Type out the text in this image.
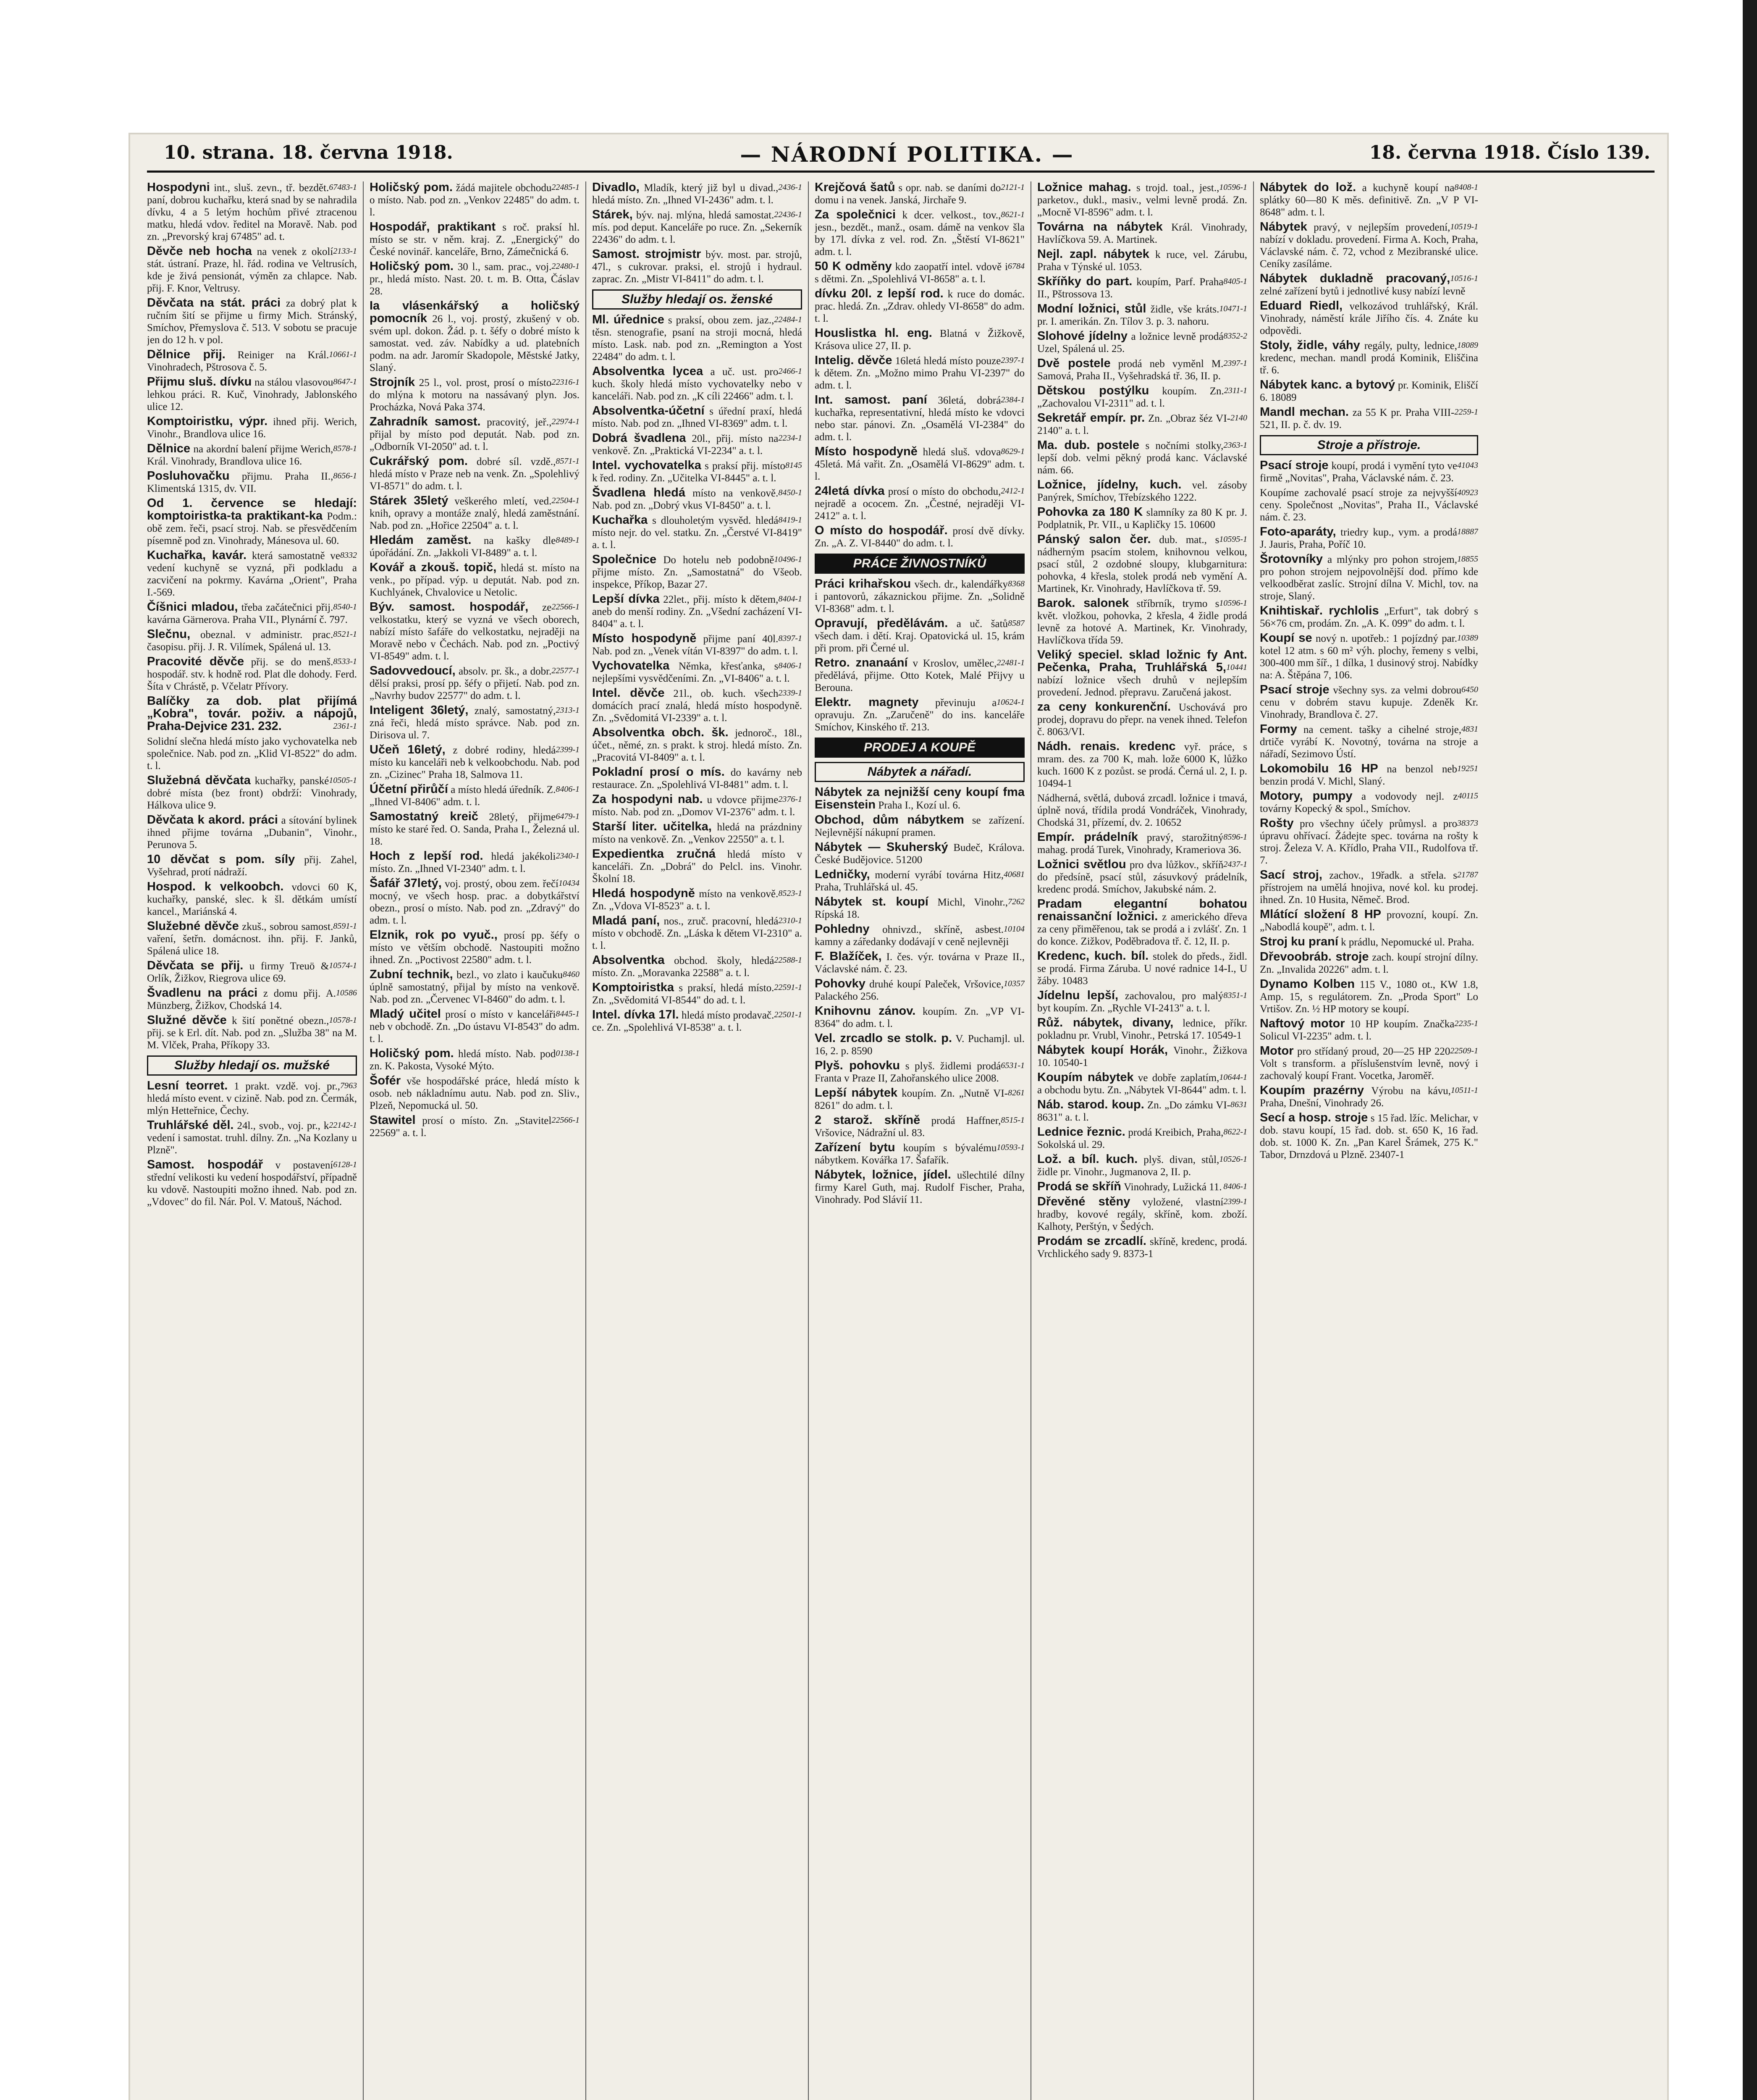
10. strana. 18. června 1918.	— NÁRODNÍ POLITIKA. —	18. června 1918. Číslo 139.

Hospodyni	67483-1
int., sluš. zevn., tř. bezdět. paní, dobrou kuchařku, která snad by se nahradila dívku, 4 a 5 letým hochům přivé ztracenou matku, hledá vdov. ředitel na Moravě. Nab. pod zn. „Prevorský kraj 67485" ad. t.

Děvče neb hocha	2133-1
na venek z okolí stát. ústraní. Praze, hl. řád. rodina ve Veltrusích, kde je živá pensionát, výměn za chlapce. Nab. přij. F. Knor, Veltrusy.

Děvčata na stát. práci za dobrý plat k ručním šití se přijme u firmy Mich. Stránský, Smíchov, Přemyslova č. 513. V sobotu se pracuje jen do 12 h. v pol.

Dělnice přij.	10661-1
Reiniger na Král. Vinohradech, Pštrosova č. 5.

Přijmu sluš. dívku	8647-1
na stálou vlasovou lehkou práci. R. Kuč, Vinohrady, Jablonského ulice 12.

Komptoiristku, výpr. ihned přij. Werich, Vinohr., Brandlova ulice 16.

Dělnice	8578-1
na akordní balení přijme Werich, Král. Vinohrady, Brandlova ulice 16.

Posluhovačku	8656-1
přijmu. Praha II., Klimentská 1315, dv. VII.

Od 1. července se hledají: komptoiristka-ta praktikant-ka Podm.: obě zem. řeči, psací stroj. Nab. se přesvědčením písemně pod zn. Vinohrady, Mánesova ul. 60.

Kuchařka, kavár.	8332
která samostatně ve vedení kuchyně se vyzná, při podkladu a zacvičení na pokrmy. Kavárna „Orient", Praha I.-569.

Číšnici mladou,	8540-1
třeba začátečnici přij. kavárna Gärnerova. Praha VII., Plynární č. 797.

Slečnu,	8521-1
obeznal. v administr. prac. časopisu. přij. J. R. Vilímek, Spálená ul. 13.

Pracovité děvče	8533-1
přij. se do menš. hospodář. stv. k hodně rod. Plat dle dohody. Ferd. Šíta v Chrástě, p. Včelatr Přívory.

Balíčky za dob. plat přijímá „Kobra", továr. poživ. a nápojů, Praha-Dejvice 231. 232.	2361-1

Solidní slečna hledá místo jako vychovatelka neb společnice. Nab. pod zn. „Klid VI-8522" do adm. t. l.

Služebná děvčata	10505-1
kuchařky, panské dobré místa (bez front) obdrží: Vinohrady, Hálkova ulice 9.

Děvčata k akord. práci a sítování bylinek ihned přijme továrna „Dubanin", Vinohr., Perunova 5.

10 děvčat s pom. síly přij. Zahel, Vyšehrad, protí nádraží.

Hospod. k velkoobch. vdovci 60 K, kuchařky, panské, slec. k šl. dětkám umístí kancel., Mariánská 4.

Služebné děvče	8591-1
zkuš., sobrou samost. vaření, šetřn. domácnost. ihn. přij. F. Janků, Spálená ulice 18.

Děvčata se přij.	10574-1
u firmy Treuö & Orlík, Žižkov, Riegrova ulice 69.

Švadlenu na práci	10586
z domu přij. A. Münzberg, Žižkov, Chodská 14.

Služné děvče	10578-1
k šití ponětné obezn., přij. se k Erl. dít. Nab. pod zn. „Služba 38" na M. M. Vlček, Praha, Příkopy 33.

Služby hledají os. mužské

Lesní teorret.	7963
1 prakt. vzdě. voj. pr., hledá místo event. v cizině. Nab. pod zn. Čermák, mlýn Hetteřnice, Čechy.

Truhlářské děl.	22142-1
24l., svob., voj. pr., k vedení i samostat. truhl. dílny. Zn. „Na Kozlany u Plzně".

Samost. hospodář	6128-1
v postavení střední velikosti ku vedení hospodářství, případně ku vdově. Nastoupiti možno ihned. Nab. pod zn. „Vdovec" do fil. Nár. Pol. V. Matouš, Náchod.

Holičský pom.	22485-1
žádá majitele obchodu o místo. Nab. pod zn. „Venkov 22485" do adm. t. l.

Hospodář, praktikant s roč. praksí hl. místo se str. v něm. kraj. Z. „Energický" do České novinář. kanceláře, Brno, Zámečnická 6.

Holičský pom.	22480-1
30 l., sam. prac., voj. pr., hledá místo. Nast. 20. t. m. B. Otta, Čáslav 28.

Ia vlásenkářský a holičský pomocník 26 l., voj. prostý, zkušený v ob. svém upl. dokon. Žád. p. t. šéfy o dobré místo k samostat. ved. záv. Nabídky a ud. platebních podm. na adr. Jaromír Skadopole, Městské Jatky, Slaný.

Strojník	22316-1
25 l., vol. prost, prosí o místo do mlýna k motoru na nassávaný plyn. Jos. Procházka, Nová Paka 374.

Zahradník samost.	22974-1
pracovitý, jeř., přijal by místo pod deputát. Nab. pod zn. „Odborník VI-2050" ad. t. l.

Cukrářský pom.	8571-1
dobré síl. vzdě., hledá místo v Praze neb na venk. Zn. „Spolehlivý VI-8571" do adm. t. l.

Stárek 35letý	22504-1
veškerého mletí, ved. knih, opravy a montáže znalý, hledá zaměstnání. Nab. pod zn. „Hořice 22504" a. t. l.

Hledám zaměst.	8489-1
na kašky dle úpořádání. Zn. „Jakkoli VI-8489" a. t. l.

Kovář a zkouš. topič, hledá st. místo na venk., po případ. výp. u deputát. Nab. pod zn. Kuchlyánek, Chvalovice u Netolic.

Býv. samost. hospodář,	22566-1
ze velkostatku, který se vyzná ve všech oborech, nabízí místo šafáře do velkostatku, nejraději na Moravě nebo v Čechách. Nab. pod zn. „Poctivý VI-8549" adm. t. l.

Sadovvedoucí,	22577-1
absolv. pr. šk., a dobr. dělsí praksi, prosí pp. šéfy o přijetí. Nab. pod zn. „Navrhy budov 22577" do adm. t. l.

Inteligent 36letý,	2313-1
znalý, samostatný, zná řeči, hledá místo správce. Nab. pod zn. Dirisova ul. 7.

Učeň 16letý,	2399-1
z dobré rodiny, hledá místo ku kanceláři neb k velkoobchodu. Nab. pod zn. „Cizinec" Praha 18, Salmova 11.

Účetní přirůčí	8406-1
a místo hledá úředník. Z. „Ihned VI-8406" adm. t. l.

Samostatný kreič	6479-1
28letý, přijme místo ke staré řed. O. Sanda, Praha I., Železná ul. 18.

Hoch z lepší rod.	2340-1
hledá jakékoli místo. Zn. „Ihned VI-2340" adm. t. l.

Šafář 37letý,	10434
voj. prostý, obou zem. řečí mocný, ve všech hosp. prac. a dobytkářství obezn., prosí o místo. Nab. pod zn. „Zdravý" do adm. t. l.

Elznik, rok po vyuč., prosí pp. šéfy o místo ve větším obchodě. Nastoupiti možno ihned. Zn. „Poctivost 22580" adm. t. l.

Zubní technik,	8460
bezl., vo zlato i kaučuku úplně samostatný, přijal by místo na venkově. Nab. pod zn. „Červenec VI-8460" do adm. t. l.

Mladý učitel	8445-1
prosí o místo v kanceláři neb v obchodě. Zn. „Do ústavu VI-8543" do adm. t. l.

Holičský pom.	0138-1
hledá místo. Nab. pod zn. K. Pakosta, Vysoké Mýto.

Šofér vše hospodářské práce, hledá místo k osob. neb nákladnímu autu. Nab. pod zn. Sliv., Plzeň, Nepomucká ul. 50.

Stawitel	22566-1
prosí o místo. Zn. „Stavitel 22569" a. t. l.

Divadlo,	2436-1
Mladík, který již byl u divad., hledá místo. Zn. „Ihned VI-2436" adm. t. l.

Stárek,	22436-1
býv. naj. mlýna, hledá samostat. mís. pod deput. Kanceláře po ruce. Zn. „Sekerník 22436" do adm. t. l.

Samost. strojmistr býv. most. par. strojů, 47l., s cukrovar. praksi, el. strojů i hydraul. zaprac. Zn. „Mistr VI-8411" do adm. t. l.

Služby hledají os. ženské

Ml. úřednice	22484-1
s praksí, obou zem. jaz., těsn. stenografie, psaní na stroji mocná, hledá místo. Lask. nab. pod zn. „Remington a Yost 22484" do adm. t. l.

Absolventka lycea	2466-1
a uč. ust. pro kuch. školy hledá místo vychovatelky nebo v kanceláři. Nab. pod zn. „K cíli 22466" adm. t. l.

Absolventka-účetní s úřední praxí, hledá místo. Nab. pod zn. „Ihned VI-8369" adm. t. l.

Dobrá švadlena	2234-1
20l., přij. místo na venkově. Zn. „Praktická VI-2234" a. t. l.

Intel. vychovatelka	8145
s praksí přij. místo k řed. rodiny. Zn. „Učitelka VI-8445" a. t. l.

Švadlena hledá	8450-1
místo na venkově. Nab. pod zn. „Dobrý vkus VI-8450" a. t. l.

Kuchařka	8419-1
s dlouholetým vysvěd. hledá místo nejr. do vel. statku. Zn. „Čerstvé VI-8419" a. t. l.

Společnice	10496-1
Do hotelu neb podobně přijme místo. Zn. „Samostatná" do Všeob. inspekce, Příkop, Bazar 27.

Lepší dívka	8404-1
22let., přij. místo k dětem, aneb do menší rodiny. Zn. „Všední zacházení VI-8404" a. t. l.

Místo hospodyně	8397-1
přijme paní 40l. Nab. pod zn. „Venek vítán VI-8397" do adm. t. l.

Vychovatelka	8406-1
Němka, křesťanka, s nejlepšími vysvědčeními. Zn. „VI-8406" a. t. l.

Intel. děvče	2339-1
21l., ob. kuch. všech domácích prací znalá, hledá místo hospodyně. Zn. „Svědomitá VI-2339" a. t. l.

Absolventka obch. šk. jednoroč., 18l., účet., němé, zn. s prakt. k stroj. hledá místo. Zn. „Pracovitá VI-8409" a. t. l.

Pokladní prosí o mís. do kavárny neb restaurace. Zn. „Spolehlivá VI-8481" adm. t. l.

Za hospodyni nab.	2376-1
u vdovce přijme místo. Nab. pod zn. „Domov VI-2376" adm. t. l.

Starší liter. učitelka, hledá na prázdniny místo na venkově. Zn. „Venkov 22550" a. t. l.

Expedientka zručná hledá místo v kanceláři. Zn. „Dobrá" do Pelcl. ins. Vinohr. Školní 18.

Hledá hospodyně	8523-1
místo na venkově. Zn. „Vdova VI-8523" a. t. l.

Mladá paní,	2310-1
nos., zruč. pracovní, hledá místo v obchodě. Zn. „Láska k dětem VI-2310" a. t. l.

Absolventka	22588-1
obchod. školy, hledá místo. Zn. „Moravanka 22588" a. t. l.

Komptoiristka	22591-1
s praksí, hledá místo. Zn. „Svědomitá VI-8544" do ad. t. l.

Intel. dívka 17l.	22501-1
hledá místo prodavač. ce. Zn. „Spolehlivá VI-8538" a. t. l.

Krejčová šatů	2121-1
s opr. nab. se daními do domu i na venek. Janská, Jirchaře 9.

Za společnici	8621-1
k dcer. velkost., tov., jesn., bezdět., manž., osam. dámě na venkov šla by 17l. dívka z vel. rod. Zn. „Štěstí VI-8621" adm. t. l.

50 K odměny	6784
kdo zaopatří intel. vdově i s dětmi. Zn. „Spolehlivá VI-8658" a. t. l.

dívku 20l. z lepší rod. k ruce do domác. prac. hledá. Zn. „Zdrav. ohledy VI-8658" do adm. t. l.

Houslistka hl. eng. Blatná v Žižkově, Krásova ulice 27, II. p.

Intelig. děvče	2397-1
16letá hledá místo pouze k dětem. Zn. „Možno mimo Prahu VI-2397" do adm. t. l.

Int. samost. paní	2384-1
36letá, dobrá kuchařka, representativní, hledá místo ke vdovci nebo star. pánovi. Zn. „Osamělá VI-2384" do adm. t. l.

Místo hospodyně	8629-1
hledá sluš. vdova 45letá. Má vařit. Zn. „Osamělá VI-8629" adm. t. l.

24letá dívka	2412-1
prosí o místo do obchodu, nejradě a ococem. Zn. „Čestné, nejraději VI-2412" a. t. l.

O místo do hospodář. prosí dvě dívky. Zn. „A. Z. VI-8440" do adm. t. l.

PRÁCE ŽIVNOSTNÍKŮ

Práci krihařskou	8368
všech. dr., kalendářky i pantovorů, zákaznickou přijme. Zn. „Solidně VI-8368" adm. t. l.

Opravují, předělávám.	8587
a uč. šatů všech dam. i dětí. Kraj. Opatovická ul. 15, krám při prom. při Černé ul.

Retro. znanaání	22481-1
v Kroslov, umělec, předělává, přijme. Otto Kotek, Malé Přijvy u Berouna.

Elektr. magnety	10624-1
převinuju a opravuju. Zn. „Zaručeně" do ins. kanceláře Smíchov, Kinského tř. 213.

PRODEJ A KOUPĚ
Nábytek a nářadí.

Nábytek za nejnižší ceny koupí fma Eisenstein Praha I., Kozí ul. 6.

Obchod, dům nábytkem se zařízení. Nejlevnější nákupní pramen.

Nábytek — Skuherský Budeč, Králova. České Budějovice. 51200

Ledničky,	40681
moderní vyrábí továrna Hitz, Praha, Truhlářská ul. 45.

Nábytek st. koupí	7262
Michl, Vinohr., Rípská 18.

Pohledny	10104
ohnivzd., skříně, asbest. kamny a záředanky dodávají v ceně nejlevněji

F. Blažíček, I. čes. výr. továrna v Praze II., Václavské nám. č. 23.

Pohovky	10357
druhé koupí Paleček, Vršovice, Palackého 256.

Knihovnu zánov. koupím. Zn. „VP VI-8364" do adm. t. l.

Vel. zrcadlo se stolk. p. V. Puchamjl. ul. 16, 2. p. 8590

Plyš. pohovku	6531-1
s plyš. židlemi prodá Franta v Praze II, Zahořanského ulice 2008.

Lepší nábytek	8261
koupím. Zn. „Nutně VI-8261" do adm. t. l.

2 starož. skříně	8515-1
prodá Haffner, Vršovice, Nádražní ul. 83.

Zařízení bytu	10593-1
koupím s bývalému nábytkem. Kovářka 17. Šafařík.

Nábytek, ložnice, jídel. ušlechtilé dílny firmy Karel Guth, maj. Rudolf Fischer, Praha, Vinohrady. Pod Slávií 11.

Ložnice mahag.	10596-1
s trojd. toal., jest., parketov., dukl., masiv., velmi levně prodá. Zn. „Mocně VI-8596" adm. t. l.

Továrna na nábytek Král. Vinohrady, Havlíčkova 59. A. Martinek.

Nejl. zapl. nábytek k ruce, vel. Zárubu, Praha v Týnské ul. 1053.

Skříňky do part.	8405-1
koupím, Parf. Praha II., Pštrossova 13.

Modní ložnici, stůl	10471-1
židle, vše kráts. pr. I. amerikán. Zn. Tílov 3. p. 3. nahoru.

Slohové jídelny	8352-2
a ložnice levně prodá Uzel, Spálená ul. 25.

Dvě postele	2397-1
prodá neb vyměnl M. Samová, Praha II., Vyšehradská tř. 36, II. p.

Dětskou postýlku	2311-1
koupím. Zn. „Zachovalou VI-2311" ad. t. l.

Sekretář empír. pr.	2140
Zn. „Obraz šéz VI-2140" a. t. l.

Ma. dub. postele	2363-1
s nočními stolky, lepší dob. velmi pěkný prodá kanc. Václavské nám. 66.

Ložnice, jídelny, kuch. vel. zásoby Panýrek, Smíchov, Třebízského 1222.

Pohovka za 180 K slamníky za 80 K pr. J. Podplatnik, Pr. VII., u Kapličky 15. 10600

Pánský salon čer.	10595-1
dub. mat., s nádherným psacím stolem, knihovnou velkou, psací stůl, 2 ozdobné sloupy, klubgarnitura: pohovka, 4 křesla, stolek prodá neb vymění A. Martinek, Kr. Vinohrady, Havlíčkova tř. 59.

Barok. salonek	10596-1
stříbrník, trymo s květ. vložkou, pohovka, 2 křesla, 4 židle prodá levně za hotové A. Martinek, Kr. Vinohrady, Havlíčkova třída 59.

Veliký speciel. sklad ložnic fy Ant. Pečenka, Praha, Truhlářská 5, 10441
nabízí ložnice všech druhů v nejlepším provedení. Jednod. přepravu. Zaručená jakost.

za ceny konkurenční. Uschovává pro prodej, dopravu do přepr. na venek ihned. Telefon č. 8063/VI.

Nádh. renais. kredenc vyř. práce, s mram. des. za 700 K, mah. lože 6000 K, lůžko kuch. 1600 K z pozůst. se prodá. Černá ul. 2, I. p. 10494-1

Nádherná, světlá, dubová zrcadl. ložnice i tmavá, úplně nová, třídila prodá Vondráček, Vinohrady, Chodská 31, přízemí, dv. 2. 10652

Empír. prádelník	8596-1
pravý, starožitný mahag. prodá Turek, Vinohrady, Krameriova 36.

Ložnici světlou	2437-1
pro dva lůžkov., skříň do předsíně, psací stůl, zásuvkový prádelník, kredenc prodá. Smíchov, Jakubské nám. 2.

Pradam elegantní bohatou renaissanční ložnici. z amerického dřeva za ceny přiměřenou, tak se prodá a i zvlášť. Zn. 1 do konce. Zižkov, Poděbradova tř. č. 12, II. p.

Kredenc, kuch. bíl. stolek do předs., židl. se prodá. Firma Záruba. U nové radnice 14-I., U žáby. 10483

Jídelnu lepší,	8351-1
zachovalou, pro malý byt koupím. Zn. „Rychle VI-2413" a. t. l.

Růž. nábytek, divany, lednice, příkr. pokladnu pr. Vrubl, Vinohr., Petrská 17. 10549-1

Nábytek koupí Horák, Vinohr., Žižkova 10. 10540-1

Koupím nábytek	10644-1
ve dobře zaplatím, a obchodu bytu. Zn. „Nábytek VI-8644" adm. t. l.

Náb. starod. koup.	8631
Zn. „Do zámku VI-8631" a. t. l.

Lednice řeznic.	8622-1
prodá Kreibich, Praha, Sokolská ul. 29.

Lož. a bíl. kuch.	10526-1
plyš. divan, stůl, židle pr. Vinohr., Jugmanova 2, II. p.

Prodá se skříň	8406-1
Vinohrady, Lužická 11.

Dřevěné stěny	2399-1
vyložené, vlastní hradby, kovové regály, skříně, kom. zboží. Kalhoty, Perštýn, v Šedých.

Prodám se zrcadlí. skříně, kredenc, prodá. Vrchlického sady 9. 8373-1

Nábytek do lož.	8408-1
a kuchyně koupí na splátky 60—80 K měs. definitivě. Zn. „V P VI-8648" adm. t. l.

Nábytek	10519-1
pravý, v nejlepším provedení, nabízí v dokladu. provedení. Firma A. Koch, Praha, Václavské nám. č. 72, vchod z Mezibranské ulice. Ceníky zasíláme.

Nábytek dukladně pracovaný, 10516-1
zelné zařízení bytů i jednotlivé kusy nabízí levně

Eduard Riedl, velkozávod truhlářský, Král. Vinohrady, náměstí krále Jiřího čís. 4. Znáte ku odpovědi.

Stoly, židle, váhy	18089
regály, pulty, lednice, kredenc, mechan. mandl prodá Kominik, Eliščina tř. 6.

Nábytek kanc. a bytový pr. Kominik, Eliščí 6. 18089

Mandl mechan.	2259-1
za 55 K pr. Praha VIII-521, II. p. č. dv. 19.

Stroje a přístroje.

Psací stroje	41043
koupí, prodá i vymění tyto ve firmě „Novitas", Praha, Václavské nám. č. 23.

40923
Koupíme zachovalé psací stroje za nejvyšší ceny. Společnost „Novitas", Praha II., Václavské nám. č. 23.

Foto-aparáty,	18887
triedry kup., vym. a prodá J. Jauris, Praha, Poříč 10.

Šrotovníky	18855
a mlýnky pro pohon strojem, pro pohon strojem nejpovolnější dod. přímo kde velkoodběrat zaslíc. Strojní dílna V. Michl, tov. na stroje, Slaný.

Knihtiskař. rychlolis „Erfurt", tak dobrý s 56×76 cm, prodám. Zn. „A. K. 099" do adm. t. l.

Koupí se	10389
nový n. upotřeb.: 1 pojízdný par. kotel 12 atm. s 60 m² výh. plochy, řemeny s velbi, 300-400 mm šíř., 1 dílka, 1 dusinový stroj. Nabídky na: A. Štěpána 7, 106.

Psací stroje	6450
všechny sys. za velmi dobrou cenu v dobrém stavu kupuje. Zdeněk Kr. Vinohrady, Brandlova č. 27.

Formy	4831
na cement. tašky a cihelné stroje, drtiče vyrábí K. Novotný, továrna na stroje a nářadí, Sezimovo Ústí.

Lokomobilu 16 HP	19251
na benzol neb benzin prodá V. Michl, Slaný.

Motory, pumpy	40115
a vodovody nejl. z továrny Kopecký & spol., Smíchov.

Rošty	38373
pro všechny účely průmysl. a pro úpravu ohřívací. Žádejte spec. továrna na rošty k stroj. Železa V. A. Křídlo, Praha VII., Rudolfova tř. 7.

Sací stroj,	21787
zachov., 19řadk. a střela. s přístrojem na umělá hnojiva, nové kol. ku prodej. ihned. Zn. 10 Husita, Němeč. Brod.

Mlátící složení 8 HP provozní, koupí. Zn. „Nabodlá koupě", adm. t. l.

Stroj ku praní k prádlu, Nepomucké ul. Praha.

Dřevoobráb. stroje zach. koupí strojní dílny. Zn. „Invalida 20226" adm. t. l.

Dynamo Kolben 115 V., 1080 ot., KW 1.8, Amp. 15, s regulátorem. Zn. „Proda Sport" Lo Vrtišov. Zn. ½ HP motory se koupí.

Naftový motor	2235-1
10 HP koupím. Značka Solicul VI-2235" adm. t. l.

Motor	22509-1
pro střídaný proud, 20—25 HP 220 Volt s transform. a příslušenstvím levně, nový i zachovalý koupí Frant. Vocetka, Jaroměř.

Koupím prazérny	10511-1
Výrobu na kávu, Praha, Dnešní, Vinohrady 26.

Secí a hosp. stroje s 15 řad. lžíc. Melichar, v dob. stavu koupí, 15 řad. dob. st. 650 K, 16 řad. dob. st. 1000 K. Zn. „Pan Karel Šrámek, 275 K." Tabor, Drnzdová u Plzně. 23407-1
